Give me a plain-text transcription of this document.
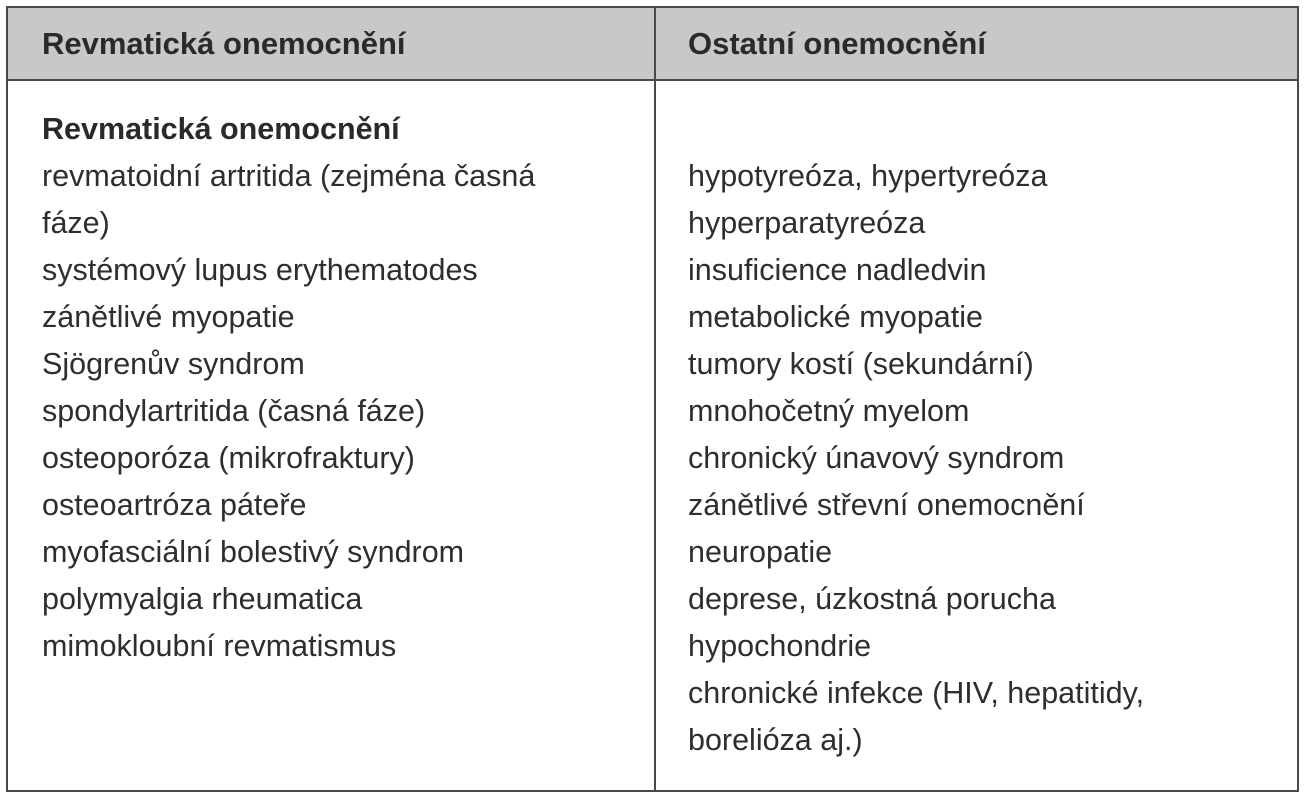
Revmatická onemocnění	Ostatní onemocnění
Revmatická onemocnění
revmatoidní artritida (zejména časná
fáze)
systémový lupus erythematodes
zánětlivé myopatie
Sjögrenův syndrom
spondylartritida (časná fáze)
osteoporóza (mikrofraktury)
osteoartróza páteře
myofasciální bolestivý syndrom
polymyalgia rheumatica
mimokloubní revmatismus
hypotyreóza, hypertyreóza
hyperparatyreóza
insuficience nadledvin
metabolické myopatie
tumory kostí (sekundární)
mnohočetný myelom
chronický únavový syndrom
zánětlivé střevní onemocnění
neuropatie
deprese, úzkostná porucha
hypochondrie
chronické infekce (HIV, hepatitidy,
borelióza aj.)
